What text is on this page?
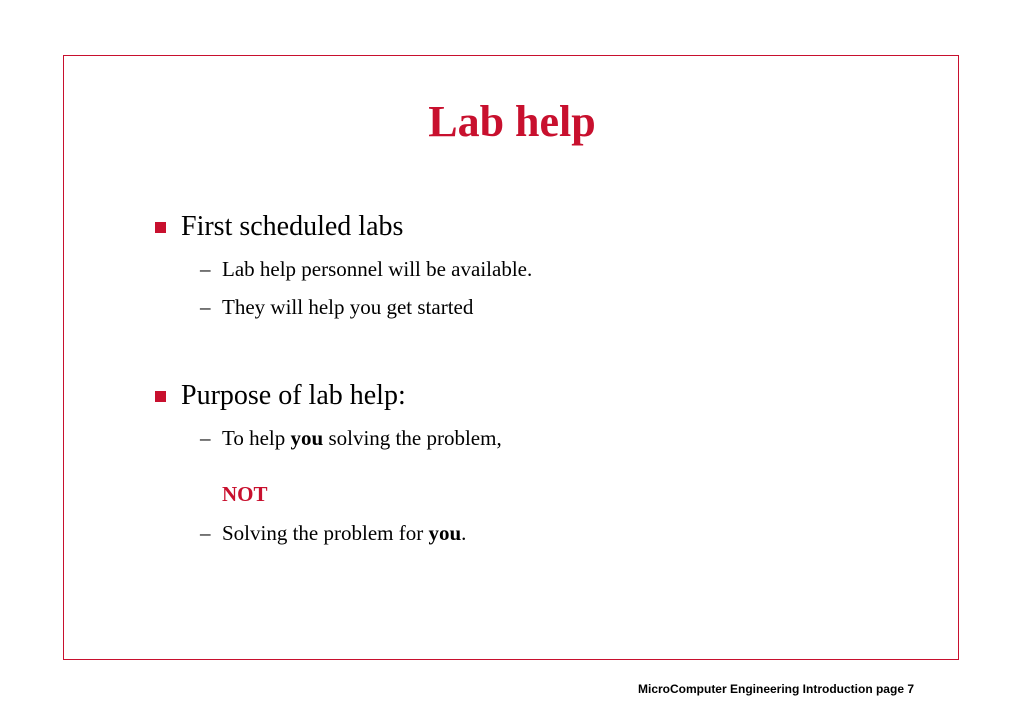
Lab help
First scheduled labs
– Lab help personnel will be available.
– They will help you get started
Purpose of lab help:
– To help you solving the problem,
NOT
– Solving the problem for you.
MicroComputer Engineering Introduction page 7
